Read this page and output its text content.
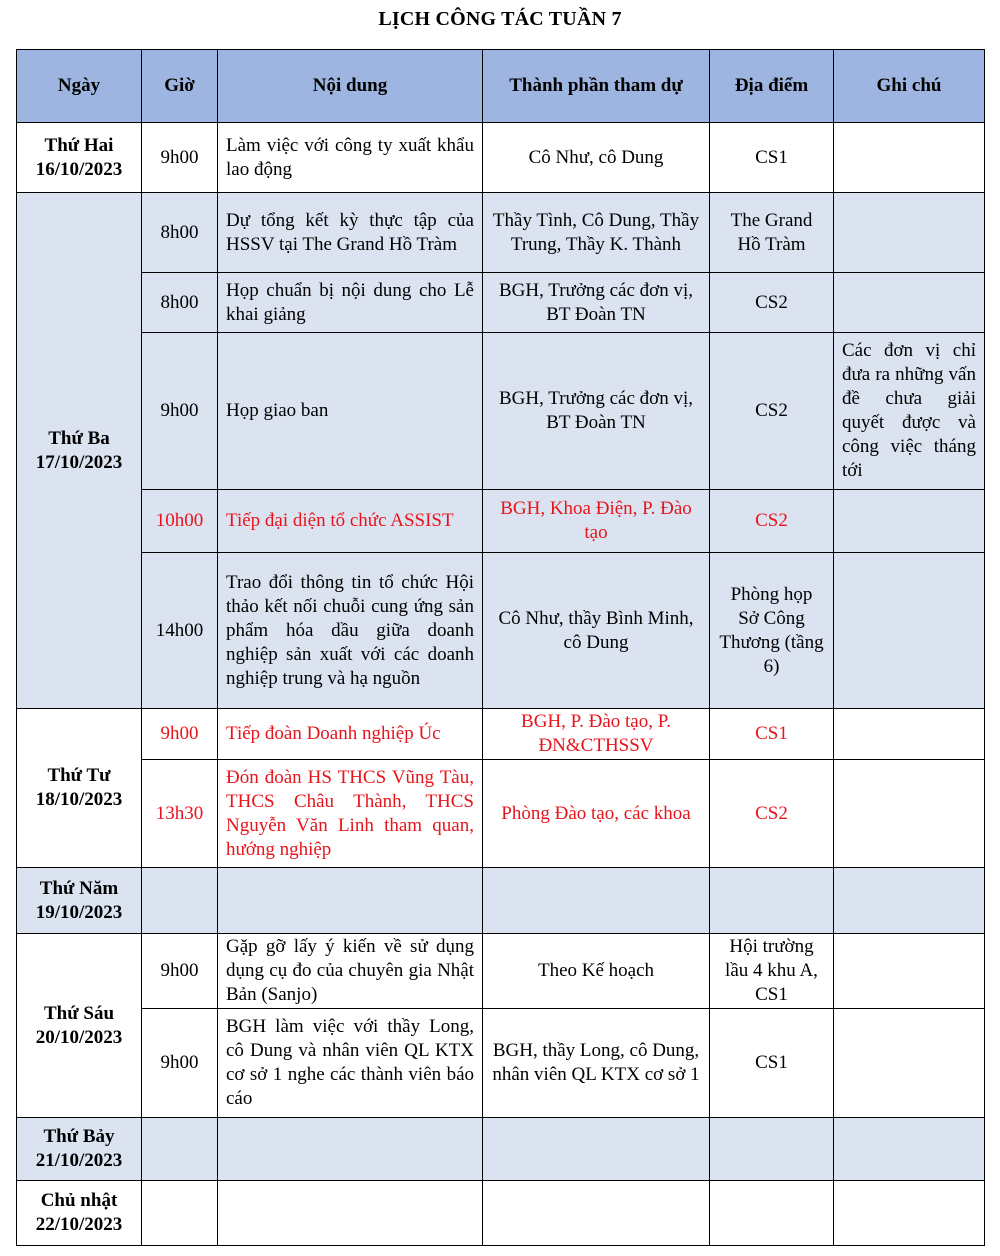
LỊCH CÔNG TÁC TUẦN 7
Ngày	Giờ	Nội dung	Thành phần tham dự	Địa điểm	Ghi chú

Thứ Hai
16/10/2023	9h00	Làm việc với công ty xuất khẩu lao động	Cô Như, cô Dung	CS1	

Thứ Ba
17/10/2023	8h00	Dự tổng kết kỳ thực tập của HSSV tại The Grand Hồ Tràm	Thầy Tình, Cô Dung, Thầy Trung, Thầy K. Thành	The Grand Hồ Tràm	
	8h00	Họp chuẩn bị nội dung cho Lễ khai giảng	BGH, Trưởng các đơn vị, BT Đoàn TN	CS2	
	9h00	Họp giao ban	BGH, Trưởng các đơn vị, BT Đoàn TN	CS2	Các đơn vị chỉ đưa ra những vấn đề chưa giải quyết được và công việc tháng tới
	10h00	Tiếp đại diện tổ chức ASSIST	BGH, Khoa Điện, P. Đào tạo	CS2	
	14h00	Trao đổi thông tin tổ chức Hội thảo kết nối chuỗi cung ứng sản phẩm hóa dầu giữa doanh nghiệp sản xuất với các doanh nghiệp trung và hạ nguồn	Cô Như, thầy Bình Minh, cô Dung	Phòng họp Sở Công Thương (tầng 6)	

Thứ Tư
18/10/2023	9h00	Tiếp đoàn Doanh nghiệp Úc	BGH, P. Đào tạo, P. ĐN&CTHSSV	CS1	
	13h30	Đón đoàn HS THCS Vũng Tàu, THCS Châu Thành, THCS Nguyễn Văn Linh tham quan, hướng nghiệp	Phòng Đào tạo, các khoa	CS2	

Thứ Năm
19/10/2023					

Thứ Sáu
20/10/2023	9h00	Gặp gỡ lấy ý kiến về sử dụng dụng cụ đo của chuyên gia Nhật Bản (Sanjo)	Theo Kế hoạch	Hội trường lầu 4 khu A, CS1	
	9h00	BGH làm việc với thầy Long, cô Dung và nhân viên QL KTX cơ sở 1 nghe các thành viên báo cáo	BGH, thầy Long, cô Dung, nhân viên QL KTX cơ sở 1	CS1	

Thứ Bảy
21/10/2023					

Chủ nhật
22/10/2023					
